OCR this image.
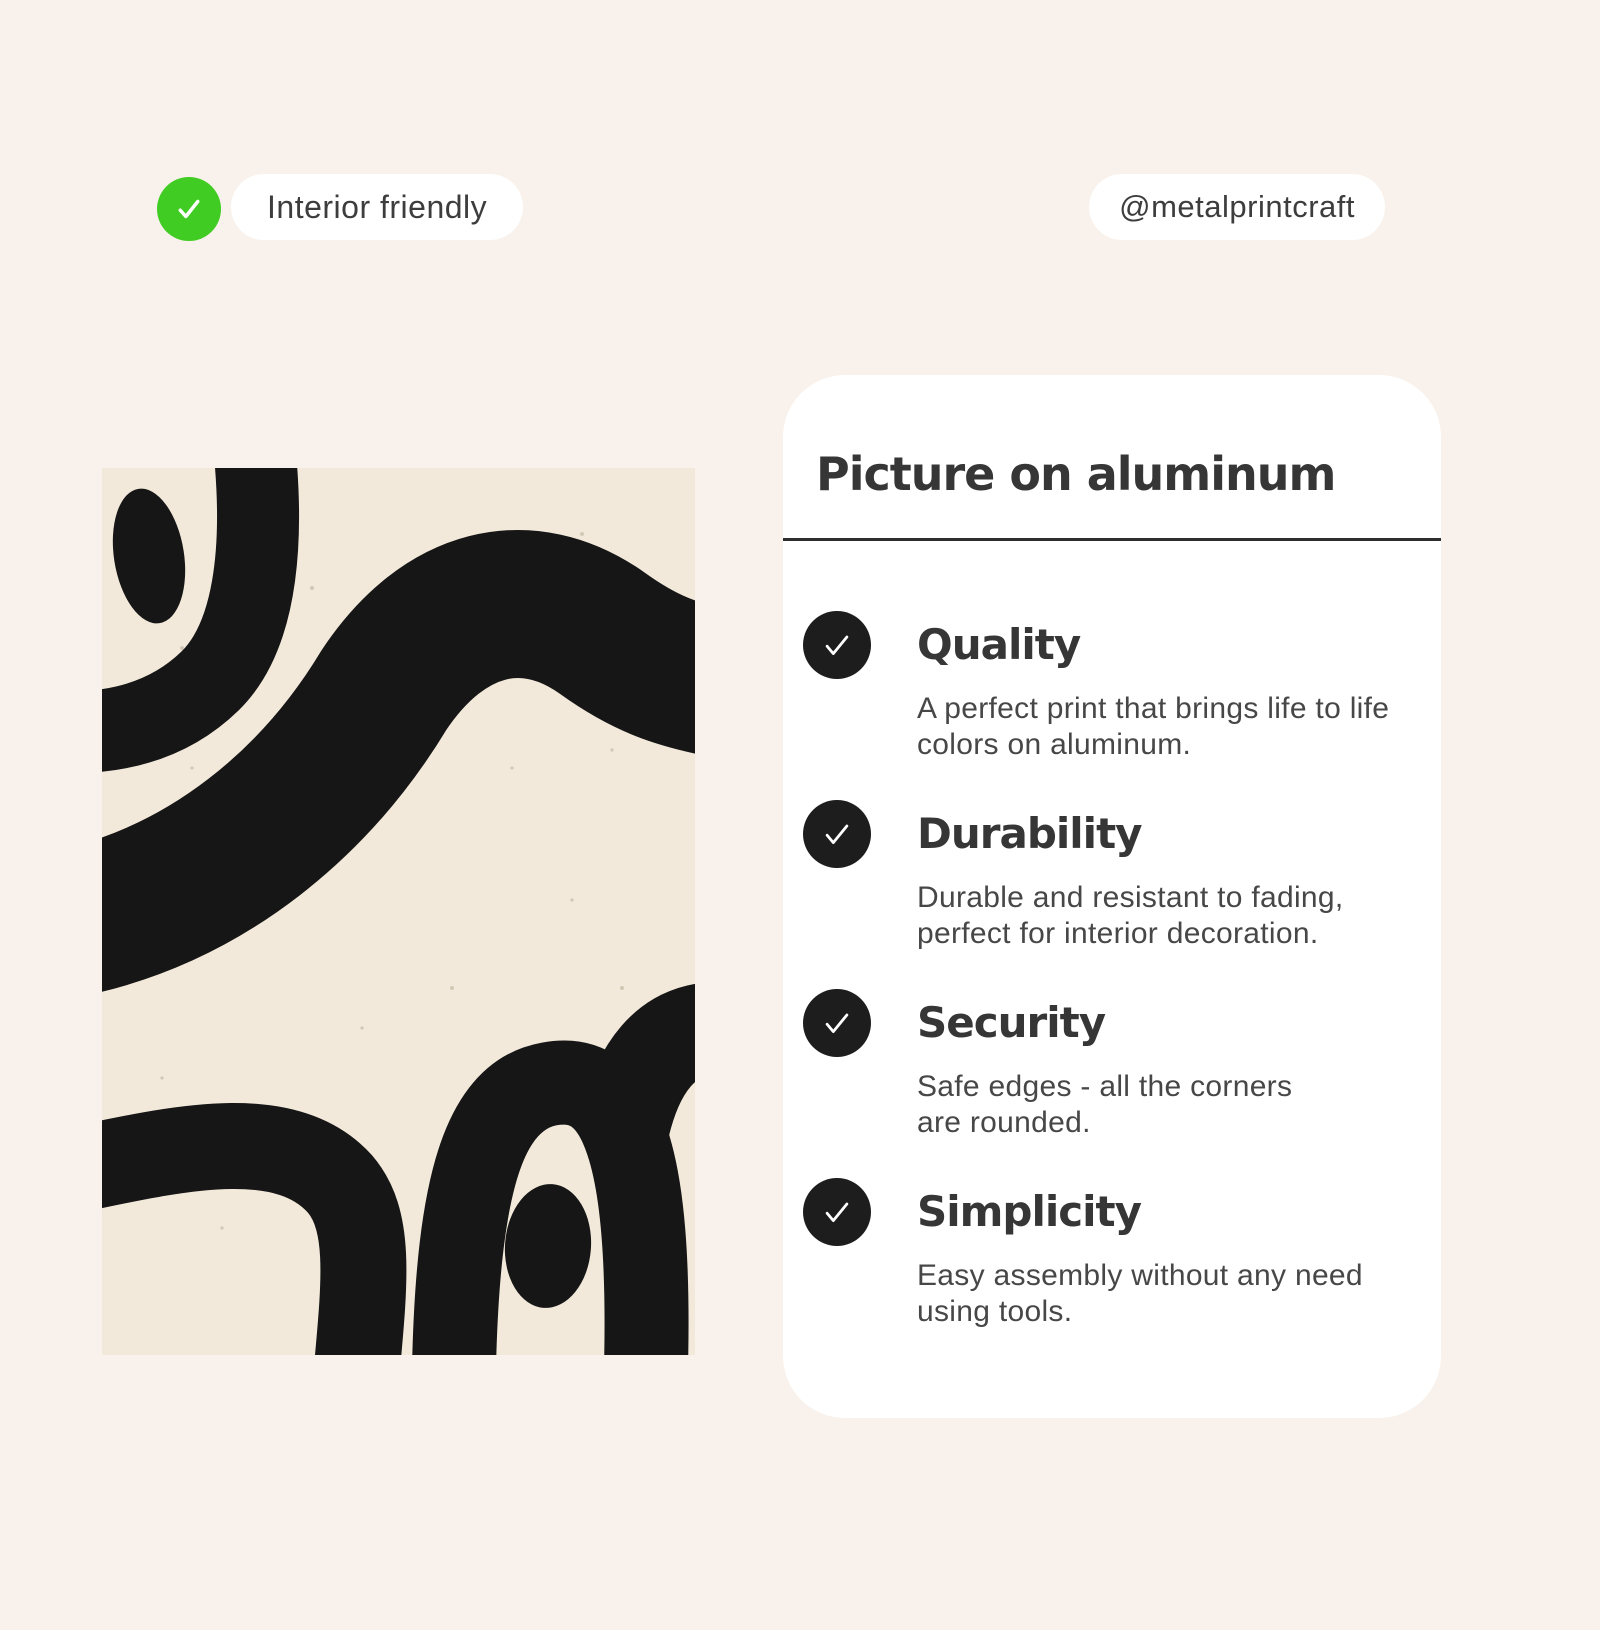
Interior friendly	@metalprintcraft
Picture on aluminum
Quality
A perfect print that brings life to life
colors on aluminum.
Durability
Durable and resistant to fading,
perfect for interior decoration.
Security
Safe edges - all the corners
are rounded.
Simplicity
Easy assembly without any need
using tools.
